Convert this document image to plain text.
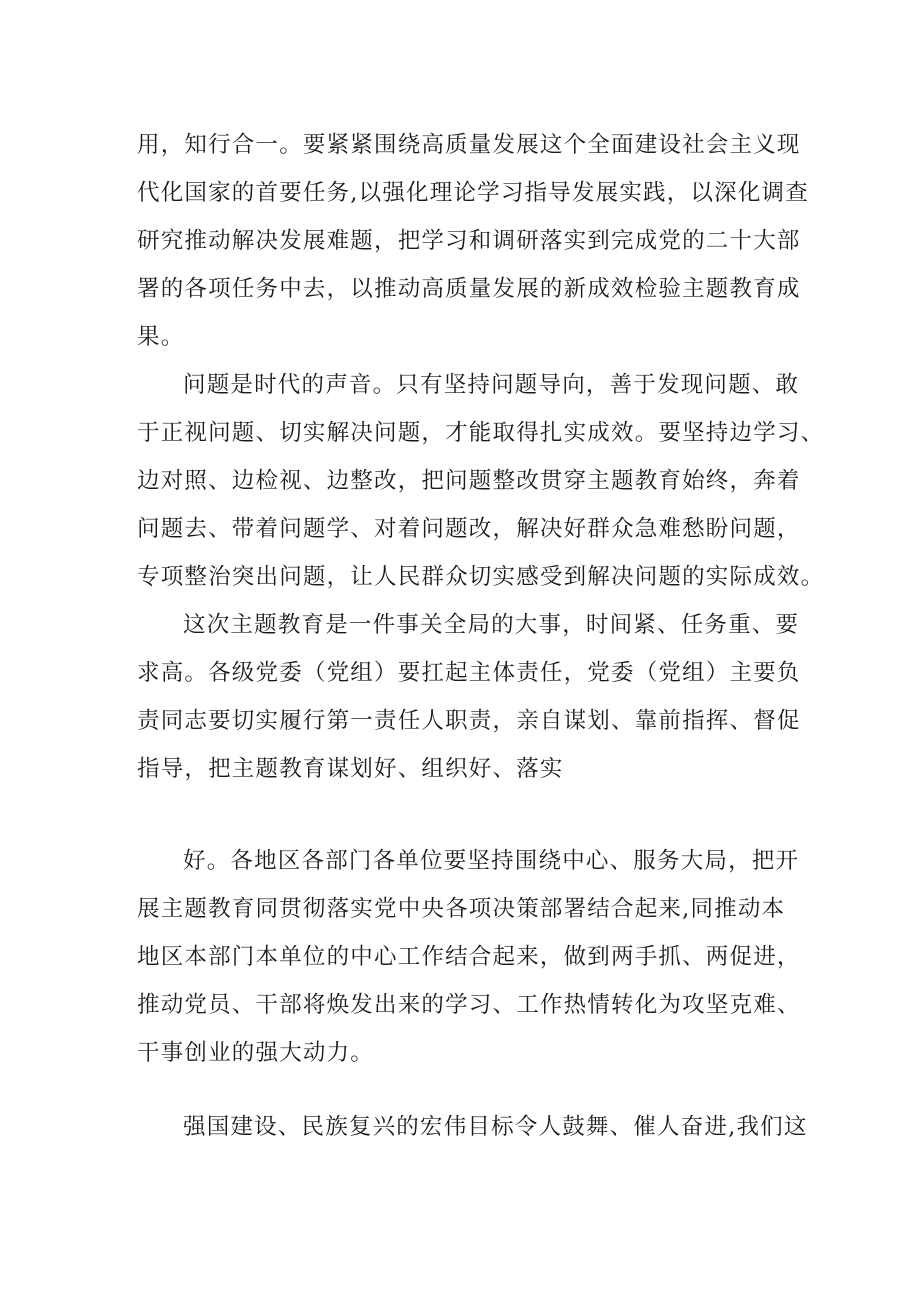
用，知行合一。要紧紧围绕高质量发展这个全面建设社会主义现
代化国家的首要任务,以强化理论学习指导发展实践，以深化调查
研究推动解决发展难题，把学习和调研落实到完成党的二十大部
署的各项任务中去，以推动高质量发展的新成效检验主题教育成
果。
问题是时代的声音。只有坚持问题导向，善于发现问题、敢
于正视问题、切实解决问题，才能取得扎实成效。要坚持边学习、
边对照、边检视、边整改，把问题整改贯穿主题教育始终，奔着
问题去、带着问题学、对着问题改，解决好群众急难愁盼问题，
专项整治突出问题，让人民群众切实感受到解决问题的实际成效。
这次主题教育是一件事关全局的大事，时间紧、任务重、要
求高。各级党委（党组）要扛起主体责任，党委（党组）主要负
责同志要切实履行第一责任人职责，亲自谋划、靠前指挥、督促
指导，把主题教育谋划好、组织好、落实
好。各地区各部门各单位要坚持围绕中心、服务大局，把开
展主题教育同贯彻落实党中央各项决策部署结合起来,同推动本
地区本部门本单位的中心工作结合起来，做到两手抓、两促进，
推动党员、干部将焕发出来的学习、工作热情转化为攻坚克难、
干事创业的强大动力。
强国建设、民族复兴的宏伟目标令人鼓舞、催人奋进,我们这
